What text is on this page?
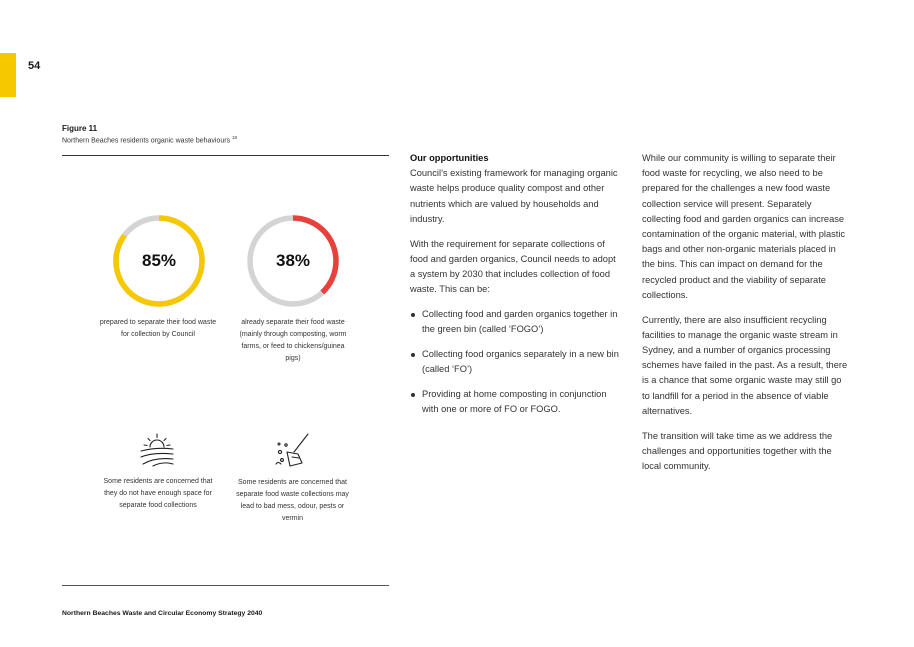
54
Figure 11
Northern Beaches residents organic waste behaviours $^{18}$
85%	38%
prepared to separate their food waste for collection by Council
already separate their food waste (mainly through composting, worm farms, or feed to chickens/guinea pigs)
Some residents are concerned that they do not have enough space for separate food collections
Some residents are concerned that separate food waste collections may lead to bad mess, odour, pests or vermin
Our opportunities

Council’s existing framework for managing organic waste helps produce quality compost and other nutrients which are valued by households and industry.

With the requirement for separate collections of food and garden organics, Council needs to adopt a system by 2030 that includes collection of food waste. This can be:

Collecting food and garden organics together in the green bin (called ‘FOGO’)
Collecting food organics separately in a new bin (called ‘FO’)
Providing at home composting in conjunction with one or more of FO or FOGO.

While our community is willing to separate their food waste for recycling, we also need to be prepared for the challenges a new food waste collection service will present. Separately collecting food and garden organics can increase contamination of the organic material, with plastic bags and other non-organic materials placed in the bins. This can impact on demand for the recycled product and the viability of separate collections.

Currently, there are also insufficient recycling facilities to manage the organic waste stream in Sydney, and a number of organics processing schemes have failed in the past. As a result, there is a chance that some organic waste may still go to landfill for a period in the absence of viable alternatives.

The transition will take time as we address the challenges and opportunities together with the local community.

Northern Beaches Waste and Circular Economy Strategy 2040
